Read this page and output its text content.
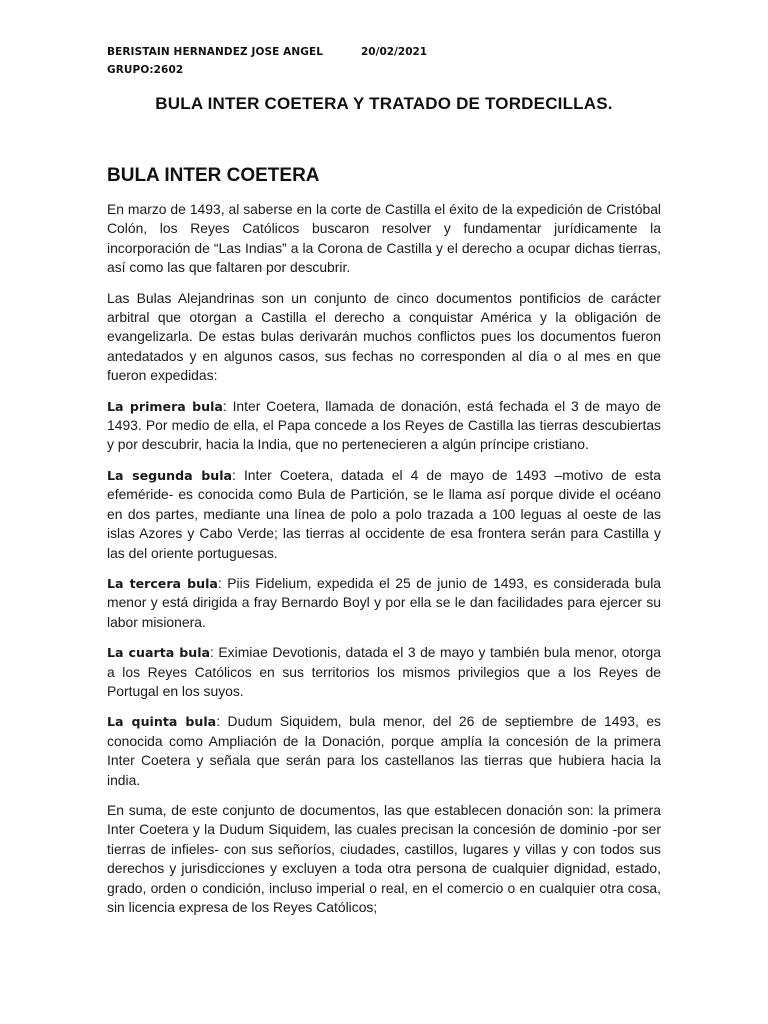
BERISTAIN HERNANDEZ JOSE ANGEL	20/02/2021
GRUPO:2602
BULA INTER COETERA Y TRATADO DE TORDECILLAS.
BULA INTER COETERA

En marzo de 1493, al saberse en la corte de Castilla el éxito de la expedición de Cristóbal Colón, los Reyes Católicos buscaron resolver y fundamentar jurídicamente la incorporación de “Las Indias” a la Corona de Castilla y el derecho a ocupar dichas tierras, así como las que faltaren por descubrir.

Las Bulas Alejandrinas son un conjunto de cinco documentos pontificios de carácter arbitral que otorgan a Castilla el derecho a conquistar América y la obligación de evangelizarla. De estas bulas derivarán muchos conflictos pues los documentos fueron antedatados y en algunos casos, sus fechas no corresponden al día o al mes en que fueron expedidas:

La primera bula: Inter Coetera, llamada de donación, está fechada el 3 de mayo de 1493. Por medio de ella, el Papa concede a los Reyes de Castilla las tierras descubiertas y por descubrir, hacia la India, que no pertenecieren a algún príncipe cristiano.

La segunda bula: Inter Coetera, datada el 4 de mayo de 1493 –motivo de esta efeméride- es conocida como Bula de Partición, se le llama así porque divide el océano en dos partes, mediante una línea de polo a polo trazada a 100 leguas al oeste de las islas Azores y Cabo Verde; las tierras al occidente de esa frontera serán para Castilla y las del oriente portuguesas.

La tercera bula: Piis Fidelium, expedida el 25 de junio de 1493, es considerada bula menor y está dirigida a fray Bernardo Boyl y por ella se le dan facilidades para ejercer su labor misionera.

La cuarta bula: Eximiae Devotionis, datada el 3 de mayo y también bula menor, otorga a los Reyes Católicos en sus territorios los mismos privilegios que a los Reyes de Portugal en los suyos.

La quinta bula: Dudum Siquidem, bula menor, del 26 de septiembre de 1493, es conocida como Ampliación de la Donación, porque amplía la concesión de la primera Inter Coetera y señala que serán para los castellanos las tierras que hubiera hacia la india.

En suma, de este conjunto de documentos, las que establecen donación son: la primera Inter Coetera y la Dudum Siquidem, las cuales precisan la concesión de dominio -por ser tierras de infieles- con sus señoríos, ciudades, castillos, lugares y villas y con todos sus derechos y jurisdicciones y excluyen a toda otra persona de cualquier dignidad, estado, grado, orden o condición, incluso imperial o real, en el comercio o en cualquier otra cosa, sin licencia expresa de los Reyes Católicos;
